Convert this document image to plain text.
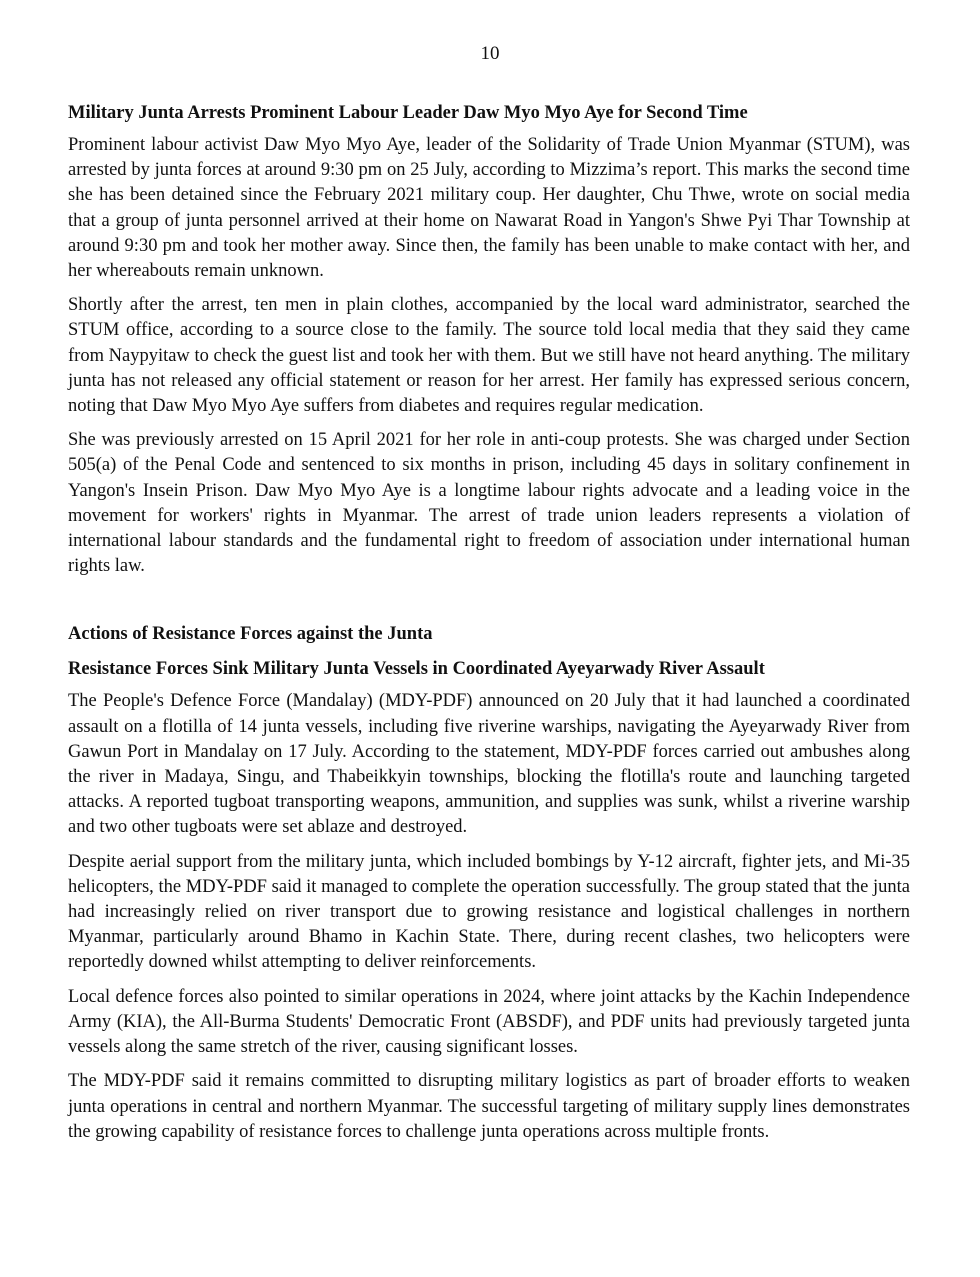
10
Military Junta Arrests Prominent Labour Leader Daw Myo Myo Aye for Second Time

Prominent labour activist Daw Myo Myo Aye, leader of the Solidarity of Trade Union Myanmar (STUM), was arrested by junta forces at around 9:30 pm on 25 July, according to Mizzima’s report. This marks the second time she has been detained since the February 2021 military coup. Her daughter, Chu Thwe, wrote on social media that a group of junta personnel arrived at their home on Nawarat Road in Yangon's Shwe Pyi Thar Township at around 9:30 pm and took her mother away. Since then, the family has been unable to make contact with her, and her whereabouts remain unknown.

Shortly after the arrest, ten men in plain clothes, accompanied by the local ward administrator, searched the STUM office, according to a source close to the family. The source told local media that they said they came from Naypyitaw to check the guest list and took her with them. But we still have not heard anything. The military junta has not released any official statement or reason for her arrest. Her family has expressed serious concern, noting that Daw Myo Myo Aye suffers from diabetes and requires regular medication.

She was previously arrested on 15 April 2021 for her role in anti-coup protests. She was charged under Section 505(a) of the Penal Code and sentenced to six months in prison, including 45 days in solitary confinement in Yangon's Insein Prison. Daw Myo Myo Aye is a longtime labour rights advocate and a leading voice in the movement for workers' rights in Myanmar. The arrest of trade union leaders represents a violation of international labour standards and the fundamental right to freedom of association under international human rights law.

Actions of Resistance Forces against the Junta
Resistance Forces Sink Military Junta Vessels in Coordinated Ayeyarwady River Assault

The People's Defence Force (Mandalay) (MDY-PDF) announced on 20 July that it had launched a coordinated assault on a flotilla of 14 junta vessels, including five riverine warships, navigating the Ayeyarwady River from Gawun Port in Mandalay on 17 July. According to the statement, MDY-PDF forces carried out ambushes along the river in Madaya, Singu, and Thabeikkyin townships, blocking the flotilla's route and launching targeted attacks. A reported tugboat transporting weapons, ammunition, and supplies was sunk, whilst a riverine warship and two other tugboats were set ablaze and destroyed.

Despite aerial support from the military junta, which included bombings by Y-12 aircraft, fighter jets, and Mi-35 helicopters, the MDY-PDF said it managed to complete the operation successfully. The group stated that the junta had increasingly relied on river transport due to growing resistance and logistical challenges in northern Myanmar, particularly around Bhamo in Kachin State. There, during recent clashes, two helicopters were reportedly downed whilst attempting to deliver reinforcements.

Local defence forces also pointed to similar operations in 2024, where joint attacks by the Kachin Independence Army (KIA), the All-Burma Students' Democratic Front (ABSDF), and PDF units had previously targeted junta vessels along the same stretch of the river, causing significant losses.

The MDY-PDF said it remains committed to disrupting military logistics as part of broader efforts to weaken junta operations in central and northern Myanmar. The successful targeting of military supply lines demonstrates the growing capability of resistance forces to challenge junta operations across multiple fronts.
